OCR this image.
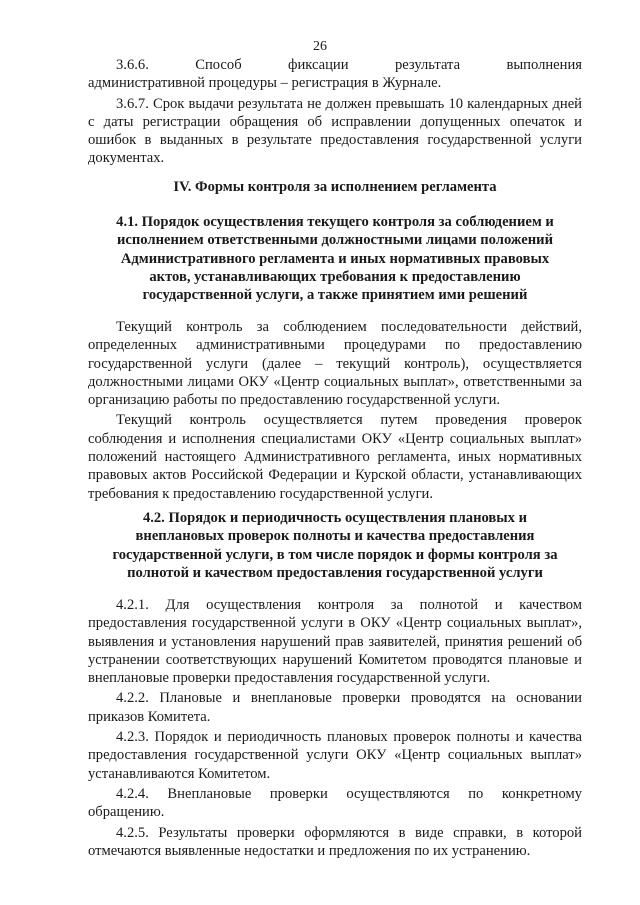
26
3.6.6.	Способ	фиксации	результата	выполнения

административной процедуры – регистрация в Журнале.

3.6.7. Срок выдачи результата не должен превышать 10 календарных дней с даты регистрации обращения об исправлении допущенных опечаток и ошибок в выданных в результате предоставления государственной услуги документах.

IV. Формы контроля за исполнением регламента
4.1. Порядок осуществления текущего контроля за соблюдением и
исполнением ответственными должностными лицами положений
Административного регламента и иных нормативных правовых
актов, устанавливающих требования к предоставлению
государственной услуги, а также принятием ими решений

Текущий контроль за соблюдением последовательности действий, определенных административными процедурами по предоставлению государственной услуги (далее – текущий контроль), осуществляется должностными лицами ОКУ «Центр социальных выплат», ответственными за организацию работы по предоставлению государственной услуги.

Текущий контроль осуществляется путем проведения проверок соблюдения и исполнения специалистами ОКУ «Центр социальных выплат» положений настоящего Административного регламента, иных нормативных правовых актов Российской Федерации и Курской области, устанавливающих требования к предоставлению государственной услуги.

4.2. Порядок и периодичность осуществления плановых и
внеплановых проверок полноты и качества предоставления
государственной услуги, в том числе порядок и формы контроля за
полнотой и качеством предоставления государственной услуги

4.2.1. Для осуществления контроля за полнотой и качеством предоставления государственной услуги в ОКУ «Центр социальных выплат», выявления и установления нарушений прав заявителей, принятия решений об устранении соответствующих нарушений Комитетом проводятся плановые и внеплановые проверки предоставления государственной услуги.

4.2.2. Плановые и внеплановые проверки проводятся на основании приказов Комитета.

4.2.3. Порядок и периодичность плановых проверок полноты и качества предоставления государственной услуги ОКУ «Центр социальных выплат» устанавливаются Комитетом.

4.2.4. Внеплановые проверки осуществляются по конкретному обращению.

4.2.5. Результаты проверки оформляются в виде справки, в которой отмечаются выявленные недостатки и предложения по их устранению.
